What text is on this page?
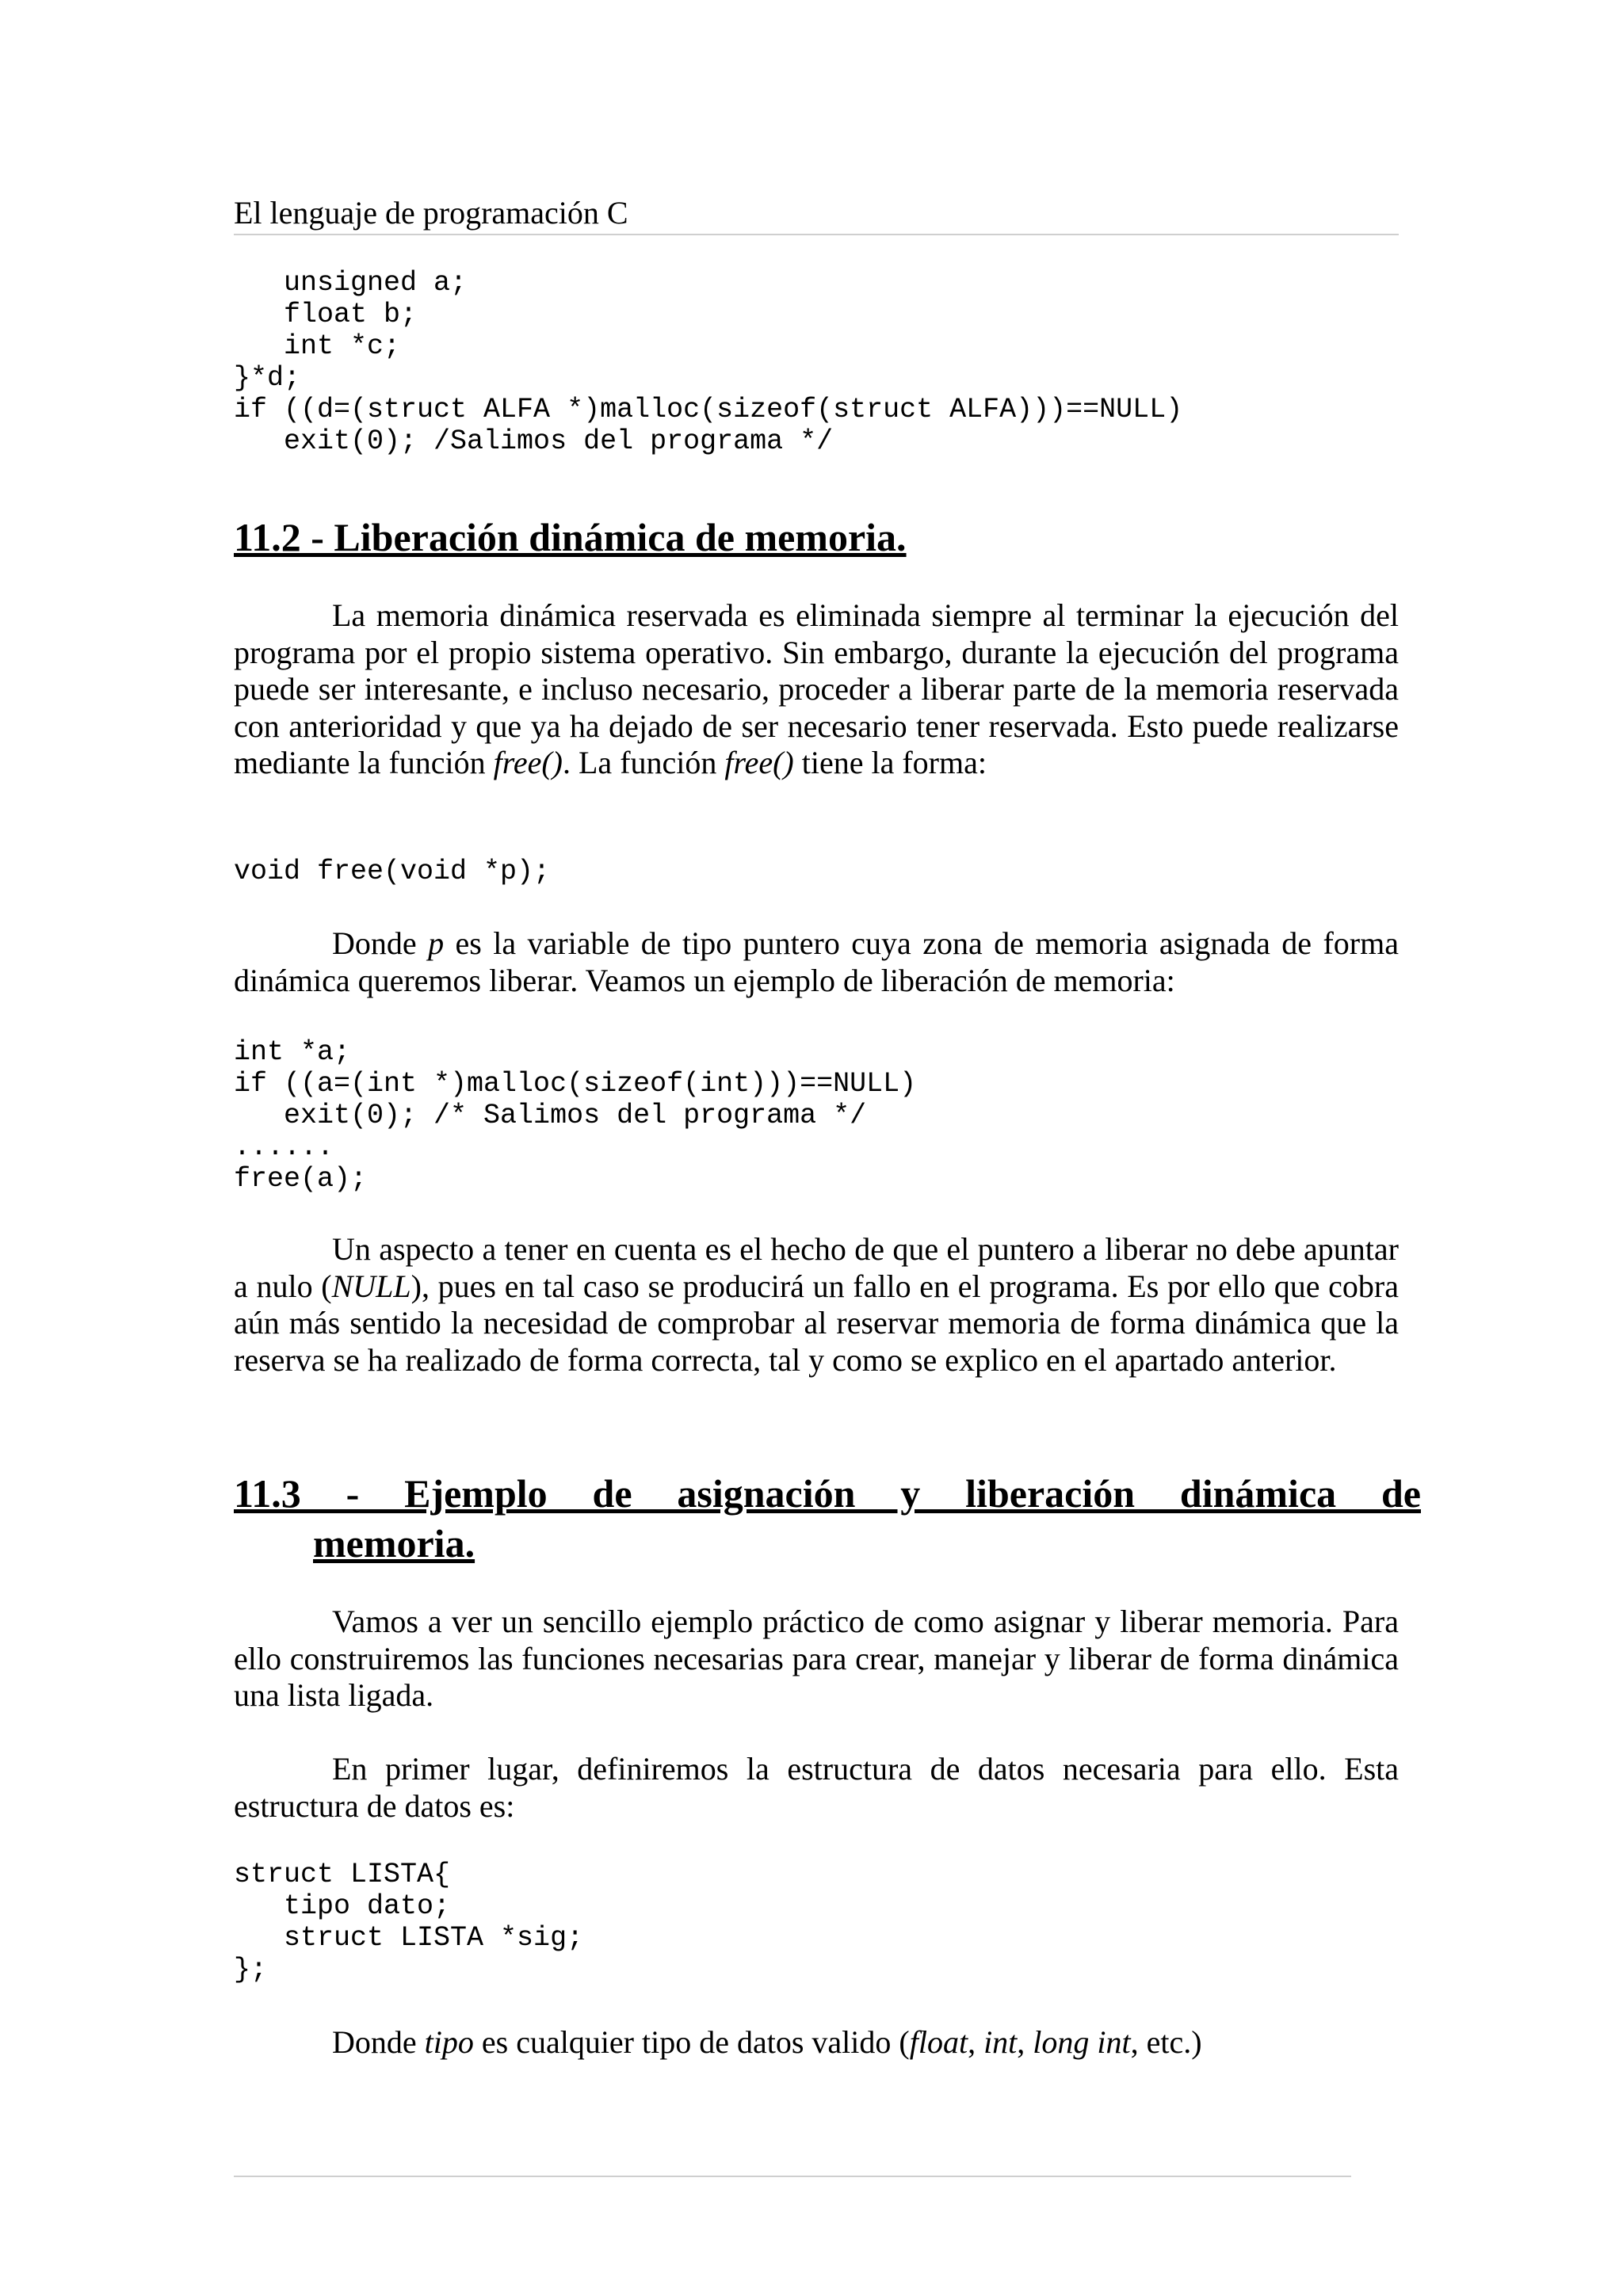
El lenguaje de programación C
unsigned a;
float b;
int *c;
}*d;
if ((d=(struct ALFA *)malloc(sizeof(struct ALFA)))==NULL)
exit(0); /Salimos del programa */
11.2 - Liberación dinámica de memoria.

La memoria dinámica reservada es eliminada siempre al terminar la ejecución del programa por el propio sistema operativo. Sin embargo, durante la ejecución del programa puede ser interesante, e incluso necesario, proceder a liberar parte de la memoria reservada con anterioridad y que ya ha dejado de ser necesario tener reservada. Esto puede realizarse mediante la función free(). La función free() tiene la forma:

void free(void *p);

Donde p es la variable de tipo puntero cuya zona de memoria asignada de forma dinámica queremos liberar. Veamos un ejemplo de liberación de memoria:

int *a;
if ((a=(int *)malloc(sizeof(int)))==NULL)
exit(0); /* Salimos del programa */
......
free(a);

Un aspecto a tener en cuenta es el hecho de que el puntero a liberar no debe apuntar a nulo (NULL), pues en tal caso se producirá un fallo en el programa. Es por ello que cobra aún más sentido la necesidad de comprobar al reservar memoria de forma dinámica que la reserva se ha realizado de forma correcta, tal y como se explico en el apartado anterior.

11.3 - Ejemplo de asignación y liberación dinámica de
memoria.

Vamos a ver un sencillo ejemplo práctico de como asignar y liberar memoria. Para ello construiremos las funciones necesarias para crear, manejar y liberar de forma dinámica una lista ligada.

En primer lugar, definiremos la estructura de datos necesaria para ello. Esta estructura de datos es:

struct LISTA{
tipo dato;
struct LISTA *sig;
};

Donde tipo es cualquier tipo de datos valido (float, int, long int, etc.)
